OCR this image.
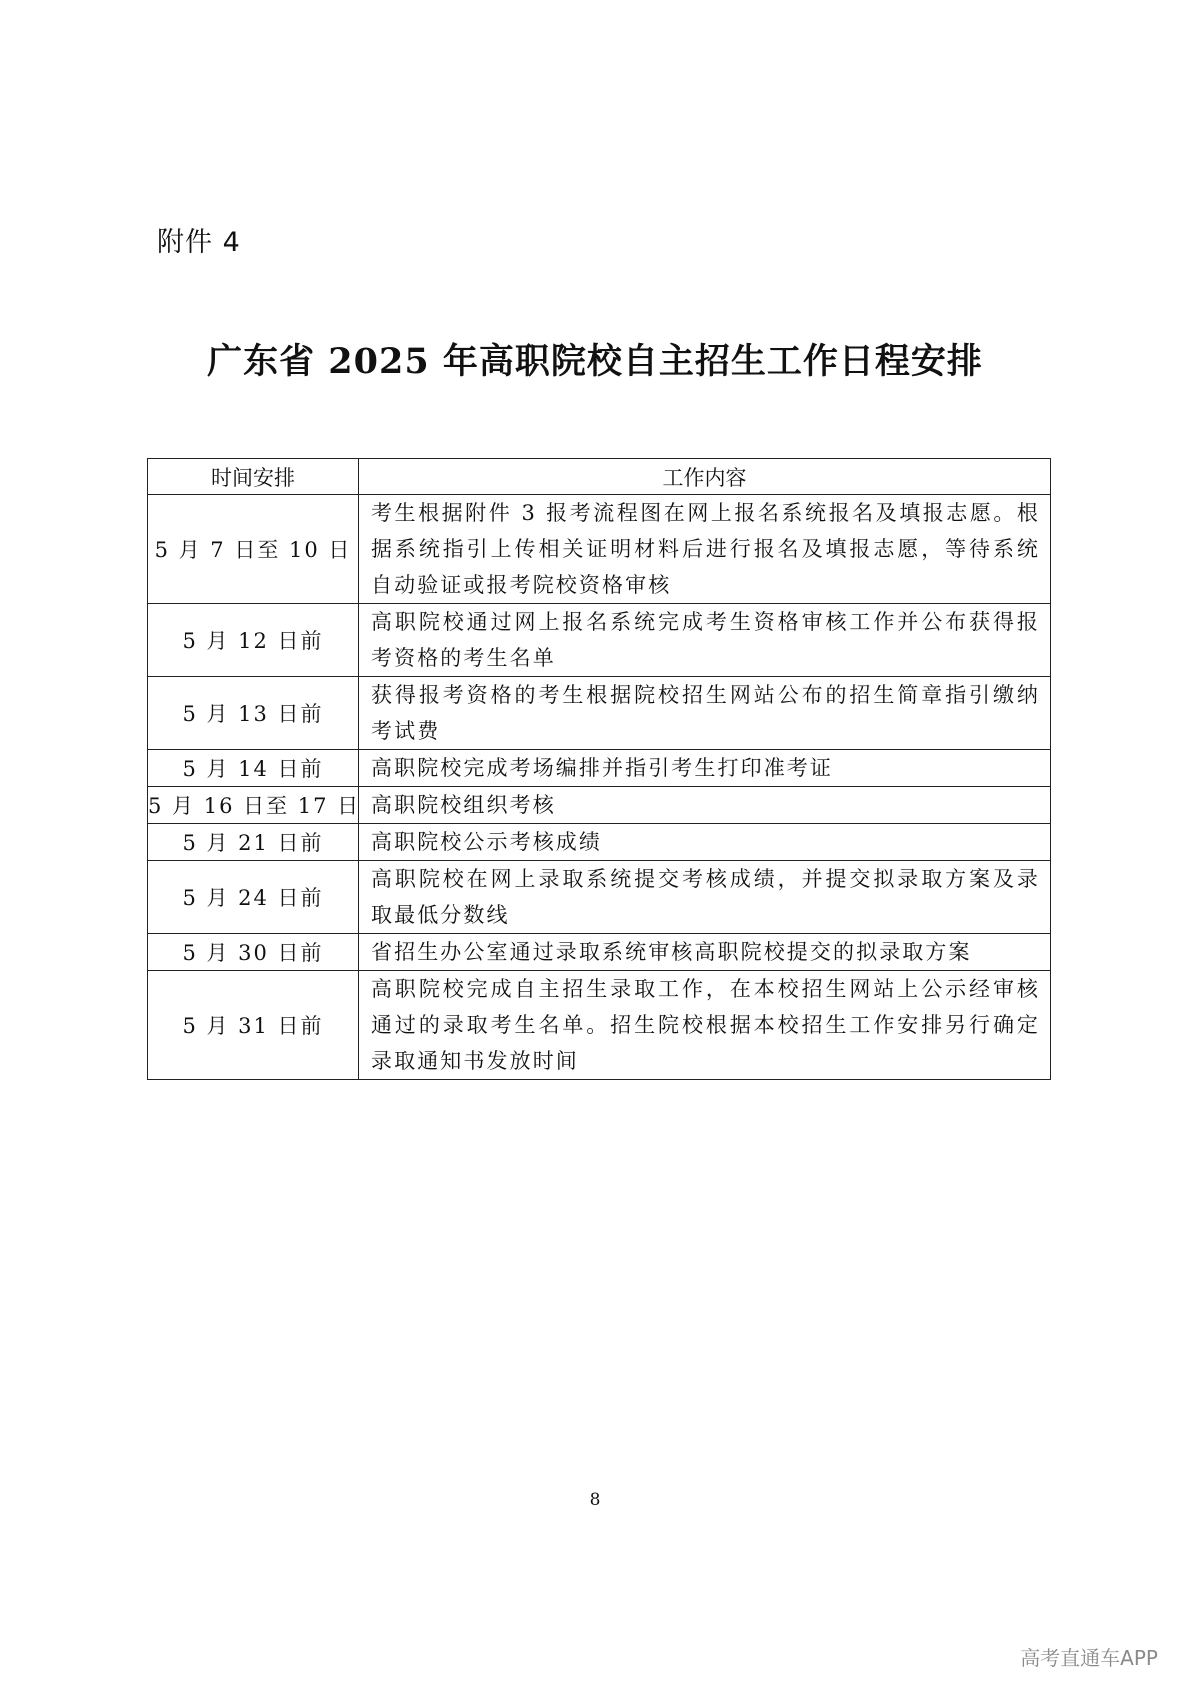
附件 4
广东省 2025 年高职院校自主招生工作日程安排
时间安排	工作内容
5 月 7 日至 10 日	考生根据附件 3 报考流程图在网上报名系统报名及填报志愿。根据系统指引上传相关证明材料后进行报名及填报志愿，等待系统自动验证或报考院校资格审核
5 月 12 日前	高职院校通过网上报名系统完成考生资格审核工作并公布获得报考资格的考生名单
5 月 13 日前	获得报考资格的考生根据院校招生网站公布的招生简章指引缴纳考试费
5 月 14 日前	高职院校完成考场编排并指引考生打印准考证
5 月 16 日至 17 日	高职院校组织考核
5 月 21 日前	高职院校公示考核成绩
5 月 24 日前	高职院校在网上录取系统提交考核成绩，并提交拟录取方案及录取最低分数线
5 月 30 日前	省招生办公室通过录取系统审核高职院校提交的拟录取方案
5 月 31 日前	高职院校完成自主招生录取工作，在本校招生网站上公示经审核通过的录取考生名单。招生院校根据本校招生工作安排另行确定录取通知书发放时间
8
高考直通车APP
